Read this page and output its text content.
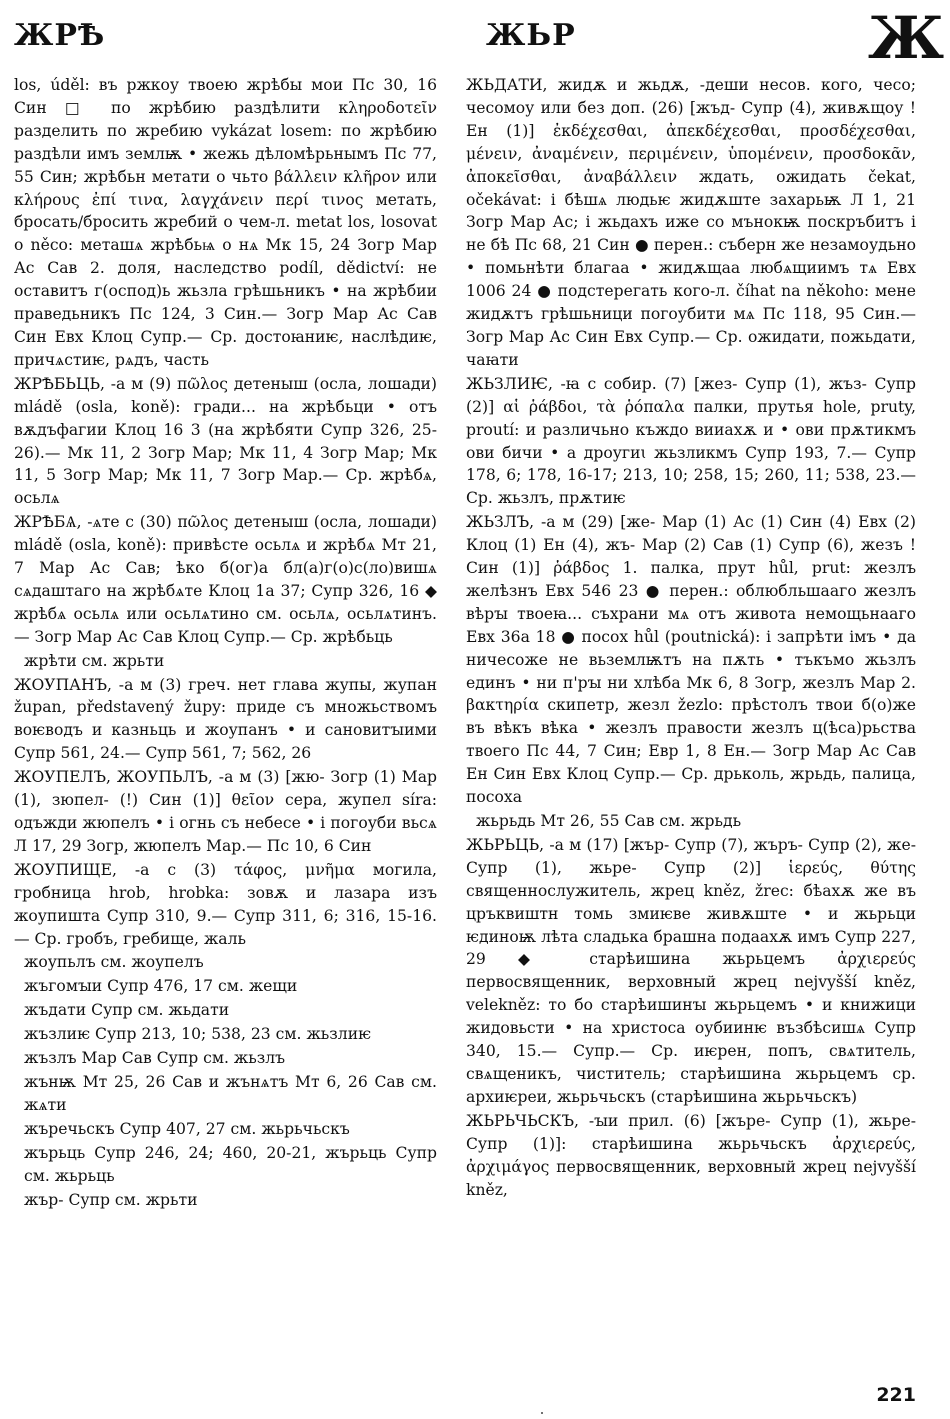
ЖРѢ	ЖЬР	Ж

los, úděl: въ ржкоу твоею жрѣбы мои Пс 30, 16 Син □ по жрѣбию раздѣлити κληροδοτεῖν разделить по жребию vykázat losem: по жрѣбию раздѣли имъ землѭ • жежь дѣломѣрьнымъ Пс 77, 55 Син; жрѣбьн метати о чьто βάλλειν κλῆρον или κλήρους ἐπί τινα, λαγχάνειν περί τινος метать, бросать/бросить жребий о чем-л. metat los, losovat o něco: меташѧ жрѣбьѩ о нѧ Мк 15, 24 Зогр Мар Ас Сав 2. доля, наследство podíl, dědictví: не оставитъ г(оспод)ь жьзла грѣшьникъ • на жрѣбии праведьникъ Пс 124, 3 Син.— Зогр Мар Ас Сав Син Евх Клоц Супр.— Ср. достоꙗниѥ, наслѣдиѥ, причѧстиѥ, рѧдъ, часть

ЖРѢБЬЦЬ, -а м (9) πῶλος детеныш (осла, лошади) mládě (osla, koně): гради... на жрѣбьци • отъ вѫдъфагии Клоц 16 3 (на жрѣбяти Супр 326, 25-26).— Мк 11, 2 Зогр Мар; Мк 11, 4 Зогр Мар; Мк 11, 5 Зогр Мар; Мк 11, 7 Зогр Мар.— Ср. жрѣбѧ, осьлѧ

ЖРѢБѦ, -ѧте с (30) πῶλος детеныш (осла, лошади) mládě (osla, koně): привѣсте осьлѧ и жрѣбѧ Мт 21, 7 Мар Ас Сав; ѣко б(ог)а бл(а)г(о)с(ло)вишѧ сѧдаштаго на жрѣбѧте Клоц 1а 37; Супр 326, 16 ◆ жрѣбѧ осьлѧ или осьлѧтино см. осьлѧ, осьлѧтинъ.— Зогр Мар Ас Сав Клоц Супр.— Ср. жрѣбьць

жрѣти см. жрьти

ЖОУПАНЪ, -а м (3) греч. нет глава жупы, жупан župan, představený župy: приде съ множьствомъ воѥводъ и казньць и жоупанъ • и сановитꙑими Супр 561, 24.— Супр 561, 7; 562, 26

ЖОУПЕЛЪ, ЖОУПЬЛЪ, -а м (3) [жю- Зогр (1) Мар (1), зюпел- (!) Син (1)] θεῖον сера, жупел síra: одъжди жюпелъ • і огнь съ небесе • і погоуби вьсѧ Л 17, 29 Зогр, жюпелъ Мар.— Пс 10, 6 Син

ЖОУПИЩЕ, -а с (3) τάφος, μνῆμα могила, гробница hrob, hrobka: зовѫ и лазара изъ жоупишта Супр 310, 9.— Супр 311, 6; 316, 15-16.— Ср. гробъ, гребище, жаль

жоупьлъ см. жоупелъ

жъгомꙑи Супр 476, 17 см. жещи

жъдати Супр см. жьдати

жъзлиѥ Супр 213, 10; 538, 23 см. жьзлиѥ

жъзлъ Мар Сав Супр см. жьзлъ

жънѭ Мт 25, 26 Сав и жънѧтъ Мт 6, 26 Сав см. жѧти

жъречьскъ Супр 407, 27 см. жьрьчьскъ

жърьць Супр 246, 24; 460, 20-21, жърьць Супр см. жьрьць

жър- Супр см. жрьти

ЖЬДАТИ, жидѫ и жьдѫ, -деши несов. кого, чесо; чесомоу или без доп. (26) [жъд- Супр (4), живѫщоу ! Ен (1)] ἐκδέχεσθαι, ἀπεκδέχεσθαι, προσδέχεσθαι, μένειν, ἀναμένειν, περιμένειν, ὑπομένειν, προσδοκᾶν, ἀποκεῖσθαι, ἀναβάλλειν ждать, ожидать čekat, očekávat: і бѣшѧ людьѥ жидѫште захарьѭ Л 1, 21 Зогр Мар Ас; і жьдахъ иже со мънокѭ поскръбитъ і не бѣ Пс 68, 21 Син ● перен.: съберн же незамоудьно • помьнѣти благаа • жидѫщаа любѧщиимъ тѧ Евх 1006 24 ● подстерегать кого-л. číhat na někoho: мене жидѫтъ грѣшьници погоубити мѧ Пс 118, 95 Син.— Зогр Мар Ас Син Евх Супр.— Ср. ожидати, пожьдати, чаꙗти

ЖЬЗЛИѤ, -ꙗ с собир. (7) [жез- Супр (1), жъз- Супр (2)] αἱ ῥάβδοι, τὰ ῥόπαλα палки, прутья hole, pruty, proutí: и различьно къждо вииахѫ и • ови прѫтикмъ ови бичи • а дроугиꙇ жьзликмъ Супр 193, 7.— Супр 178, 6; 178, 16-17; 213, 10; 258, 15; 260, 11; 538, 23.— Ср. жьзлъ, прѫтиѥ

ЖЬЗЛЪ, -а м (29) [же- Мар (1) Ас (1) Син (4) Евх (2) Клоц (1) Ен (4), жъ- Мар (2) Сав (1) Супр (6), жезъ ! Син (1)] ῥάβδος 1. палка, прут hůl, prut: жезлъ желѣзнъ Евх 546 23 ● перен.: облюбльшааго жезлъ вѣрꙑ твоеꙗ... съхрани мѧ отъ живота немощьнааго Евх 36а 18 ● посох hůl (poutnická): і запрѣти імъ • да ничесоже не вьземлѭтъ на пѫть • тъкъмо жьзлъ единъ • ни п'рꙑ ни хлѣба Мк 6, 8 Зогр, жезлъ Мар 2. βακτηρία скипетр, жезл žezlo: прѣстолъ твои б(о)же въ вѣкъ вѣка • жезлъ правости жезлъ ц(ѣса)рьства твоего Пс 44, 7 Син; Евр 1, 8 Ен.— Зогр Мар Ас Сав Ен Син Евх Клоц Супр.— Ср. дрьколь, жрьдь, палица, посоха

жьрьдь Мт 26, 55 Сав см. жрьдь

ЖЬРЬЦЬ, -а м (17) [жър- Супр (7), жъръ- Супр (2), же- Супр (1), жьре- Супр (2)] ἱερεύς, θύτης священнослужитель, жрец kněz, žrec: бѣахѫ же въ цръквиштн томь змиѥве живѫште • и жьрьци ѥдиноѭ лѣта сладька брашна подаахѫ имъ Супр 227, 29 ◆ старѣишина жьрьцемъ ἀρχιερεύς первосвященник, верховный жрец nejvyšší kněz, velekněz: то бо старѣишинꙑ жьрьцемъ • и книжици жидовьсти • на христоса оубиинѥ възбѣсишѧ Супр 340, 15.— Супр.— Ср. иѥрен, попъ, свѧтитель, свѧщеникъ, чиститель; старѣишина жьрьцемъ ср. архиѥреи, жьрьчьскъ (старѣишина жьрьчьскъ)

ЖЬРЬЧЬСКЪ, -ꙑи прил. (6) [жъре- Супр (1), жьре- Супр (1)]: старѣишина жьрьчьскъ ἀρχιερεύς, ἀρχιμάγος первосвященник, верховный жрец nejvyšší kněz,

221
